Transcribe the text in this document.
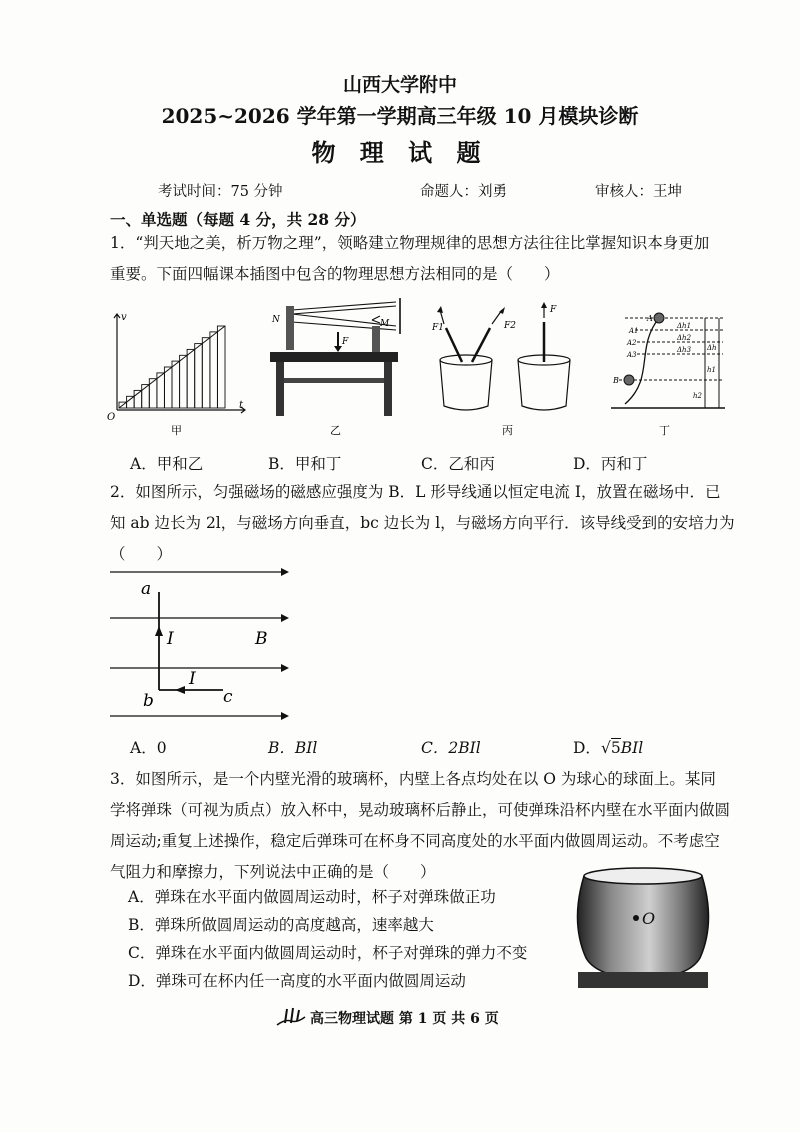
山西大学附中
2025~2026 学年第一学期高三年级 10 月模块诊断
物 理 试 题
考试时间：75 分钟	命题人：刘勇	审核人：王坤
一、单选题（每题 4 分，共 28 分）
1．“判天地之美，析万物之理”，领略建立物理规律的思想方法往往比掌握知识本身更加
重要。下面四幅课本插图中包含的物理思想方法相同的是（　　）
v
t
O
甲
N	M
F
乙
F1	F2
F
丙
A
A1
A2
A3
B
Δh1
Δh2
Δh3 Δh
h1
h2
丁
A．甲和乙	B．甲和丁	C．乙和丙	D．丙和丁
2．如图所示，匀强磁场的磁感应强度为 B．L 形导线通以恒定电流 I，放置在磁场中．已
知 ab 边长为 2l，与磁场方向垂直，bc 边长为 l，与磁场方向平行．该导线受到的安培力为
（　　）
a
I	B
I
b	c
A．0	B．BIl	C．2BIl	D．√5BIl
3．如图所示，是一个内壁光滑的玻璃杯，内壁上各点均处在以 O 为球心的球面上。某同
学将弹珠（可视为质点）放入杯中，晃动玻璃杯后静止，可使弹珠沿杯内壁在水平面内做圆
周运动;重复上述操作，稳定后弹珠可在杯身不同高度处的水平面内做圆周运动。不考虑空
气阻力和摩擦力，下列说法中正确的是（　　）
A．弹珠在水平面内做圆周运动时，杯子对弹珠做正功
B．弹珠所做圆周运动的高度越高，速率越大
C．弹珠在水平面内做圆周运动时，杯子对弹珠的弹力不变
D．弹珠可在杯内任一高度的水平面内做圆周运动
O
高三物理试题 第 1 页 共 6 页
